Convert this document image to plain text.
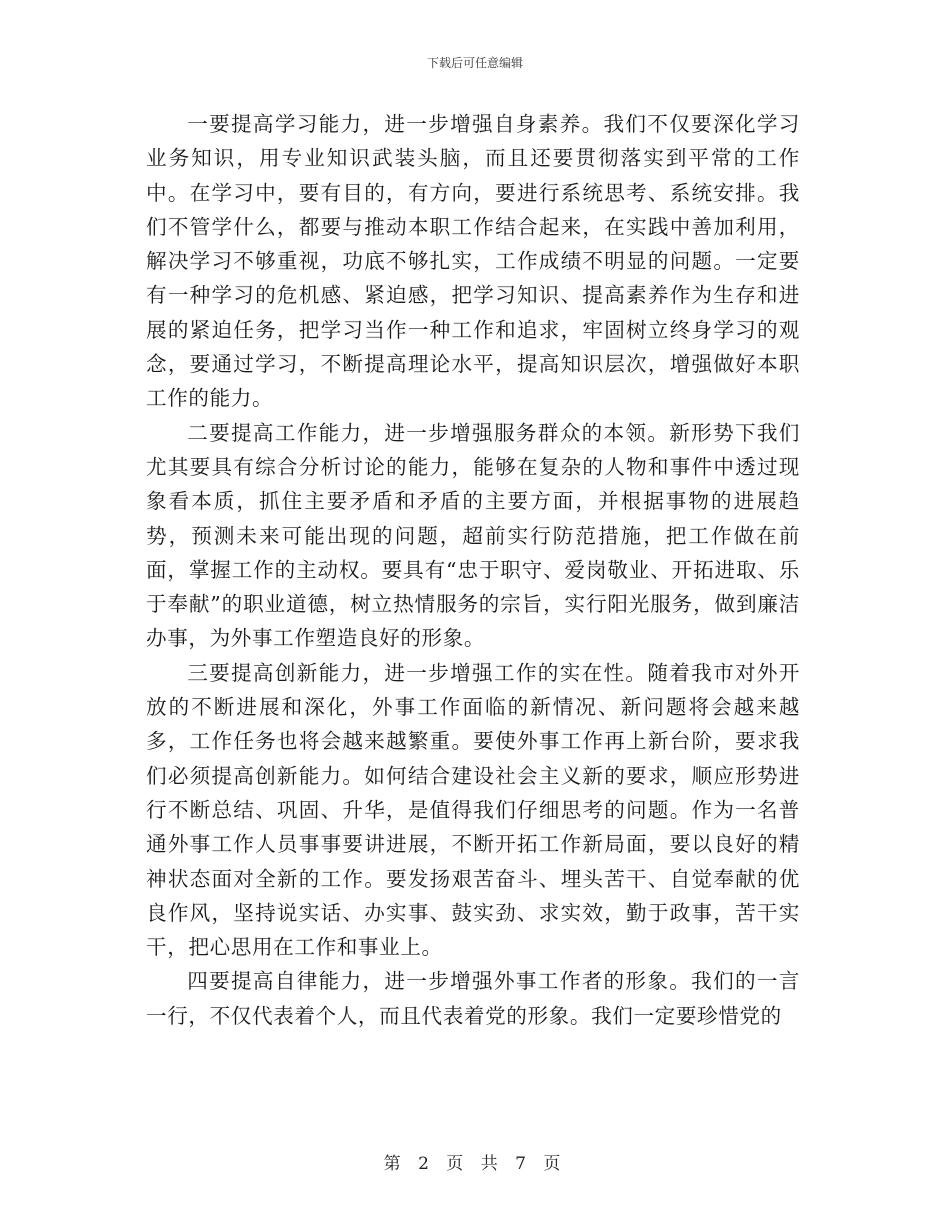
下载后可任意编辑

一要提高学习能力，进一步增强自身素养。我们不仅要深化学习业务知识，用专业知识武装头脑，而且还要贯彻落实到平常的工作中。在学习中，要有目的，有方向，要进行系统思考、系统安排。我们不管学什么，都要与推动本职工作结合起来，在实践中善加利用，解决学习不够重视，功底不够扎实，工作成绩不明显的问题。一定要有一种学习的危机感、紧迫感，把学习知识、提高素养作为生存和进展的紧迫任务，把学习当作一种工作和追求，牢固树立终身学习的观念，要通过学习，不断提高理论水平，提高知识层次，增强做好本职工作的能力。

二要提高工作能力，进一步增强服务群众的本领。新形势下我们尤其要具有综合分析讨论的能力，能够在复杂的人物和事件中透过现象看本质，抓住主要矛盾和矛盾的主要方面，并根据事物的进展趋势，预测未来可能出现的问题，超前实行防范措施，把工作做在前面，掌握工作的主动权。要具有“忠于职守、爱岗敬业、开拓进取、乐于奉献”的职业道德，树立热情服务的宗旨，实行阳光服务，做到廉洁办事，为外事工作塑造良好的形象。

三要提高创新能力，进一步增强工作的实在性。随着我市对外开放的不断进展和深化，外事工作面临的新情况、新问题将会越来越多，工作任务也将会越来越繁重。要使外事工作再上新台阶，要求我们必须提高创新能力。如何结合建设社会主义新的要求，顺应形势进行不断总结、巩固、升华，是值得我们仔细思考的问题。作为一名普通外事工作人员事事要讲进展，不断开拓工作新局面，要以良好的精神状态面对全新的工作。要发扬艰苦奋斗、埋头苦干、自觉奉献的优良作风，坚持说实话、办实事、鼓实劲、求实效，勤于政事，苦干实干，把心思用在工作和事业上。

四要提高自律能力，进一步增强外事工作者的形象。我们的一言一行，不仅代表着个人，而且代表着党的形象。我们一定要珍惜党的

第 2 页 共 7 页
